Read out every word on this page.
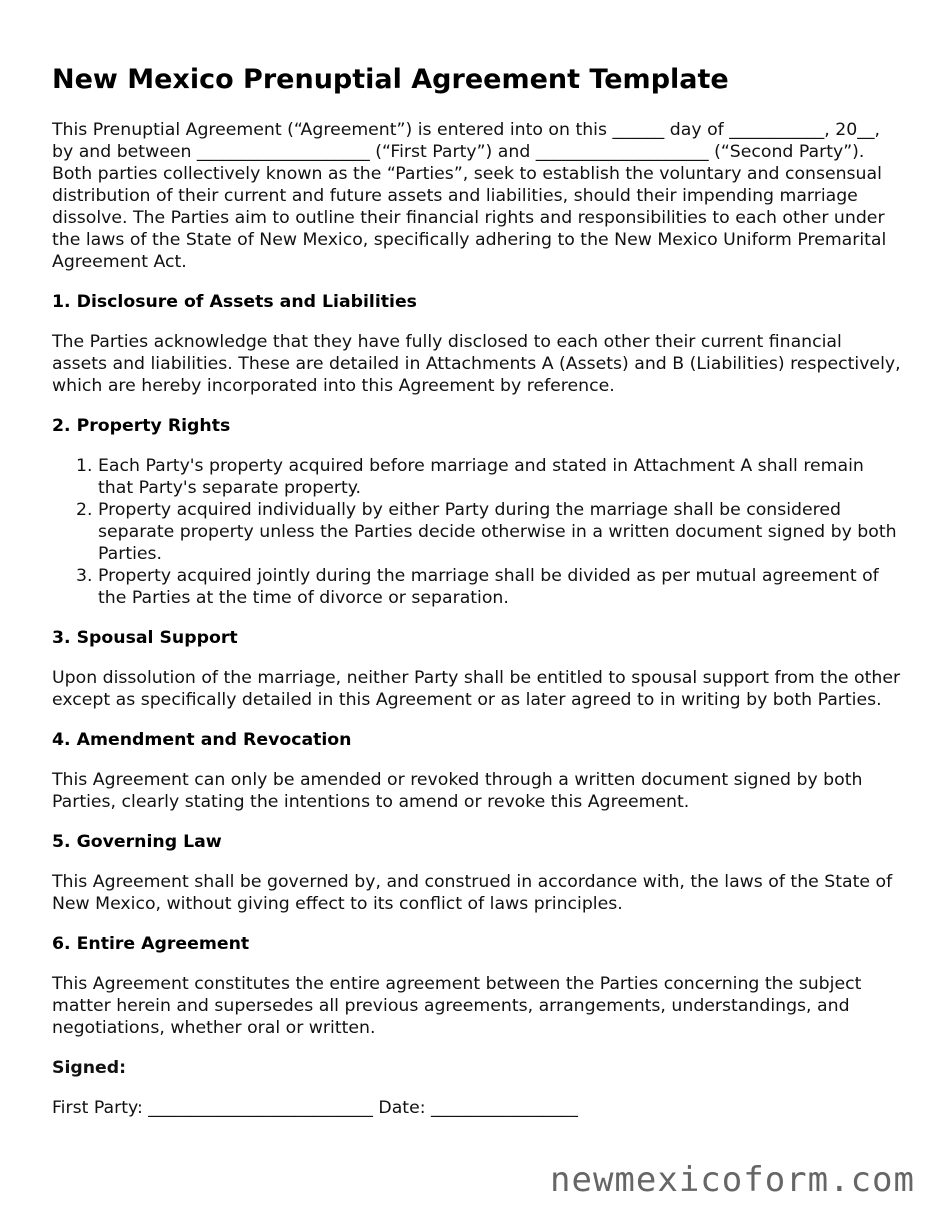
New Mexico Prenuptial Agreement Template

This Prenuptial Agreement (“Agreement”) is entered into on this ______ day of ___________, 20__, by and between ____________________ (“First Party”) and ____________________ (“Second Party”). Both parties collectively known as the “Parties”, seek to establish the voluntary and consensual distribution of their current and future assets and liabilities, should their impending marriage dissolve. The Parties aim to outline their financial rights and responsibilities to each other under the laws of the State of New Mexico, specifically adhering to the New Mexico Uniform Premarital Agreement Act.

1. Disclosure of Assets and Liabilities

The Parties acknowledge that they have fully disclosed to each other their current financial assets and liabilities. These are detailed in Attachments A (Assets) and B (Liabilities) respectively, which are hereby incorporated into this Agreement by reference.

2. Property Rights
1. Each Party's property acquired before marriage and stated in Attachment A shall remain that Party's separate property.
2. Property acquired individually by either Party during the marriage shall be considered separate property unless the Parties decide otherwise in a written document signed by both Parties.
3. Property acquired jointly during the marriage shall be divided as per mutual agreement of the Parties at the time of divorce or separation.
3. Spousal Support

Upon dissolution of the marriage, neither Party shall be entitled to spousal support from the other except as specifically detailed in this Agreement or as later agreed to in writing by both Parties.

4. Amendment and Revocation

This Agreement can only be amended or revoked through a written document signed by both Parties, clearly stating the intentions to amend or revoke this Agreement.

5. Governing Law

This Agreement shall be governed by, and construed in accordance with, the laws of the State of New Mexico, without giving effect to its conflict of laws principles.

6. Entire Agreement

This Agreement constitutes the entire agreement between the Parties concerning the subject matter herein and supersedes all previous agreements, arrangements, understandings, and negotiations, whether oral or written.

Signed:

First Party: __________________________ Date: _________________

newmexicoform.com
